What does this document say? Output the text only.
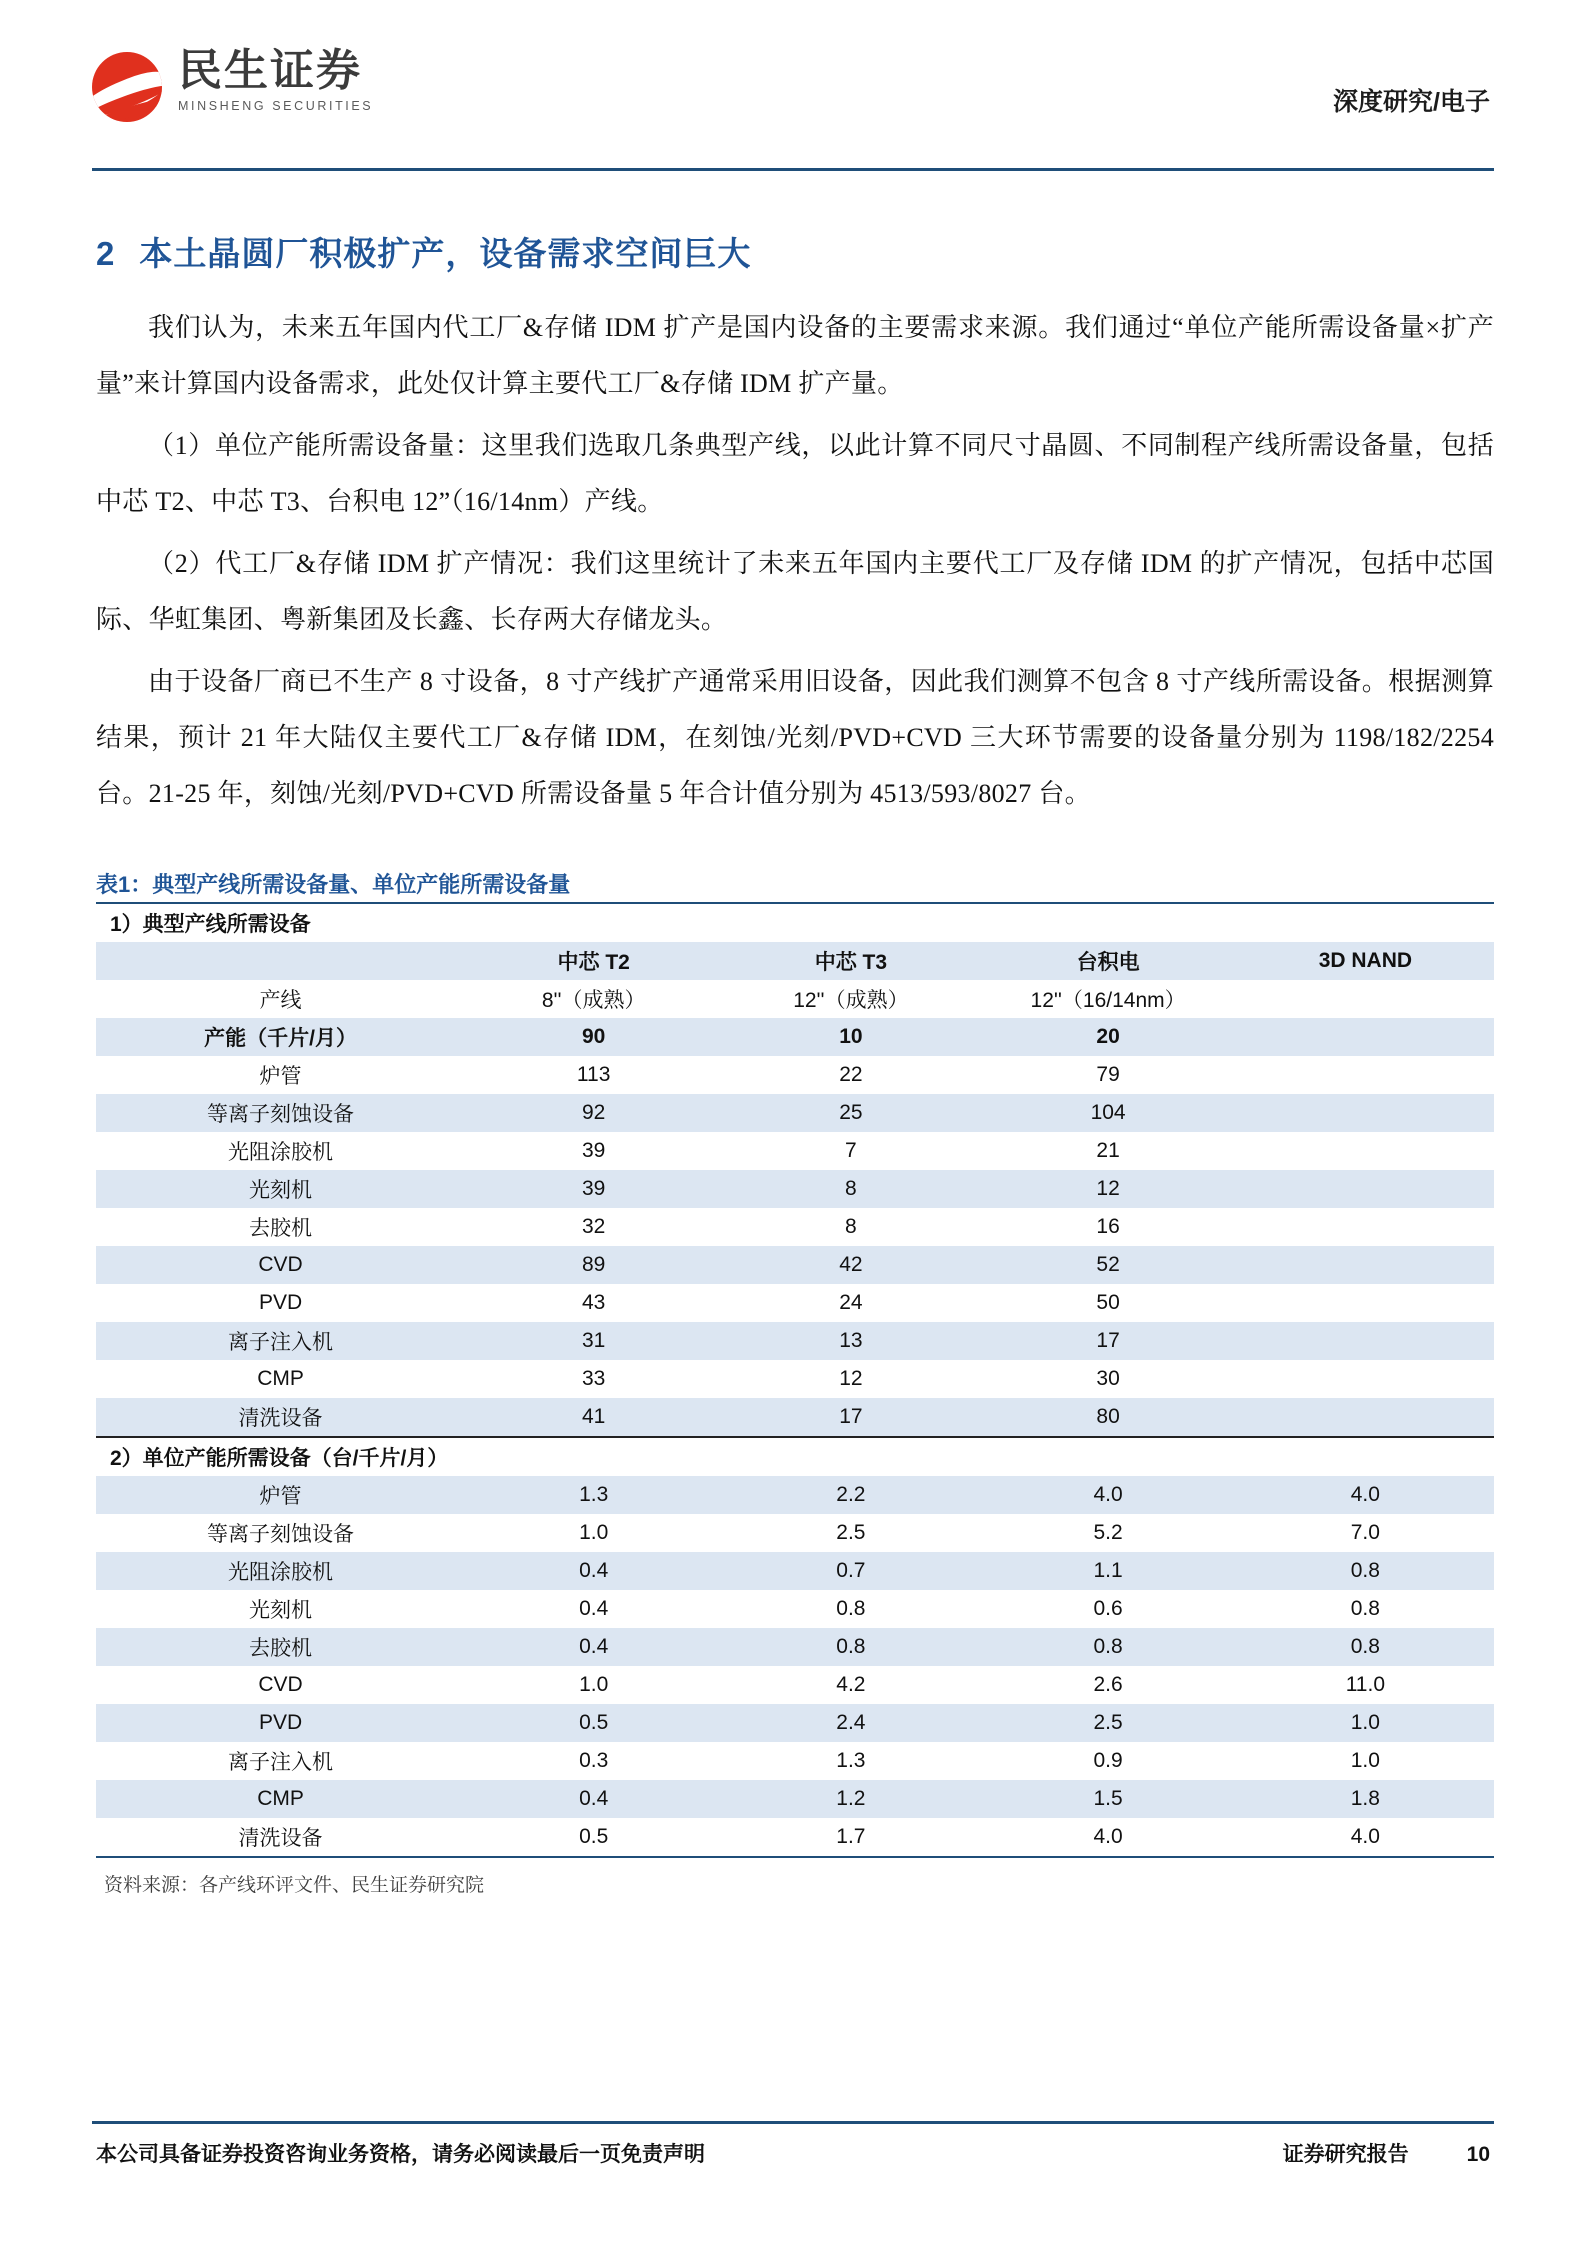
民生证券
MINSHENG SECURITIES	深度研究/电子
2 本土晶圆厂积极扩产，设备需求空间巨大

我们认为，未来五年国内代工厂&存储 IDM 扩产是国内设备的主要需求来源。我们通过“单位产能所需设备量×扩产量”来计算国内设备需求，此处仅计算主要代工厂&存储 IDM 扩产量。

（1）单位产能所需设备量：这里我们选取几条典型产线，以此计算不同尺寸晶圆、不同制程产线所需设备量，包括中芯 T2、中芯 T3、台积电 12”（16/14nm）产线。

（2）代工厂&存储 IDM 扩产情况：我们这里统计了未来五年国内主要代工厂及存储 IDM 的扩产情况，包括中芯国际、华虹集团、粤新集团及长鑫、长存两大存储龙头。

由于设备厂商已不生产 8 寸设备，8 寸产线扩产通常采用旧设备，因此我们测算不包含 8 寸产线所需设备。根据测算结果，预计 21 年大陆仅主要代工厂&存储 IDM，在刻蚀/光刻/PVD+CVD 三大环节需要的设备量分别为 1198/182/2254 台。21-25 年，刻蚀/光刻/PVD+CVD 所需设备量 5 年合计值分别为 4513/593/8027 台。

表1：典型产线所需设备量、单位产能所需设备量
1）典型产线所需设备				
	中芯 T2	中芯 T3	台积电	3D NAND
产线	8''（成熟）	12''（成熟）	12''（16/14nm）	
产能（千片/月）	90	10	20	
炉管	113	22	79	
等离子刻蚀设备	92	25	104	
光阻涂胶机	39	7	21	
光刻机	39	8	12	
去胶机	32	8	16	
CVD	89	42	52	
PVD	43	24	50	
离子注入机	31	13	17	
CMP	33	12	30	
清洗设备	41	17	80	
2）单位产能所需设备（台/千片/月）				
炉管	1.3	2.2	4.0	4.0
等离子刻蚀设备	1.0	2.5	5.2	7.0
光阻涂胶机	0.4	0.7	1.1	0.8
光刻机	0.4	0.8	0.6	0.8
去胶机	0.4	0.8	0.8	0.8
CVD	1.0	4.2	2.6	11.0
PVD	0.5	2.4	2.5	1.0
离子注入机	0.3	1.3	0.9	1.0
CMP	0.4	1.2	1.5	1.8
清洗设备	0.5	1.7	4.0	4.0
资料来源：各产线环评文件、民生证券研究院
本公司具备证券投资咨询业务资格，请务必阅读最后一页免责声明	证券研究报告	10
